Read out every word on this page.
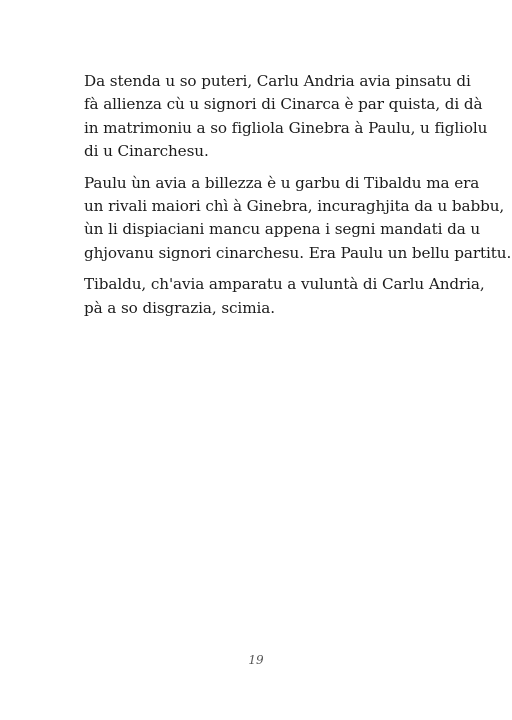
Da stenda u so puteri, Carlu Andria avia pinsatu di
fà allienza cù u signori di Cinarca è par quista, di dà
in matrimoniu a so figliola Ginebra à Paulu, u figliolu
di u Cinarchesu.

Paulu ùn avia a billezza è u garbu di Tibaldu ma era
un rivali maiori chì à Ginebra, incuraghjita da u babbu,
ùn li dispiaciani mancu appena i segni mandati da u
ghjovanu signori cinarchesu. Era Paulu un bellu partitu.

Tibaldu, ch'avia amparatu a vuluntà di Carlu Andria,
pà a so disgrazia, scimia.

19
